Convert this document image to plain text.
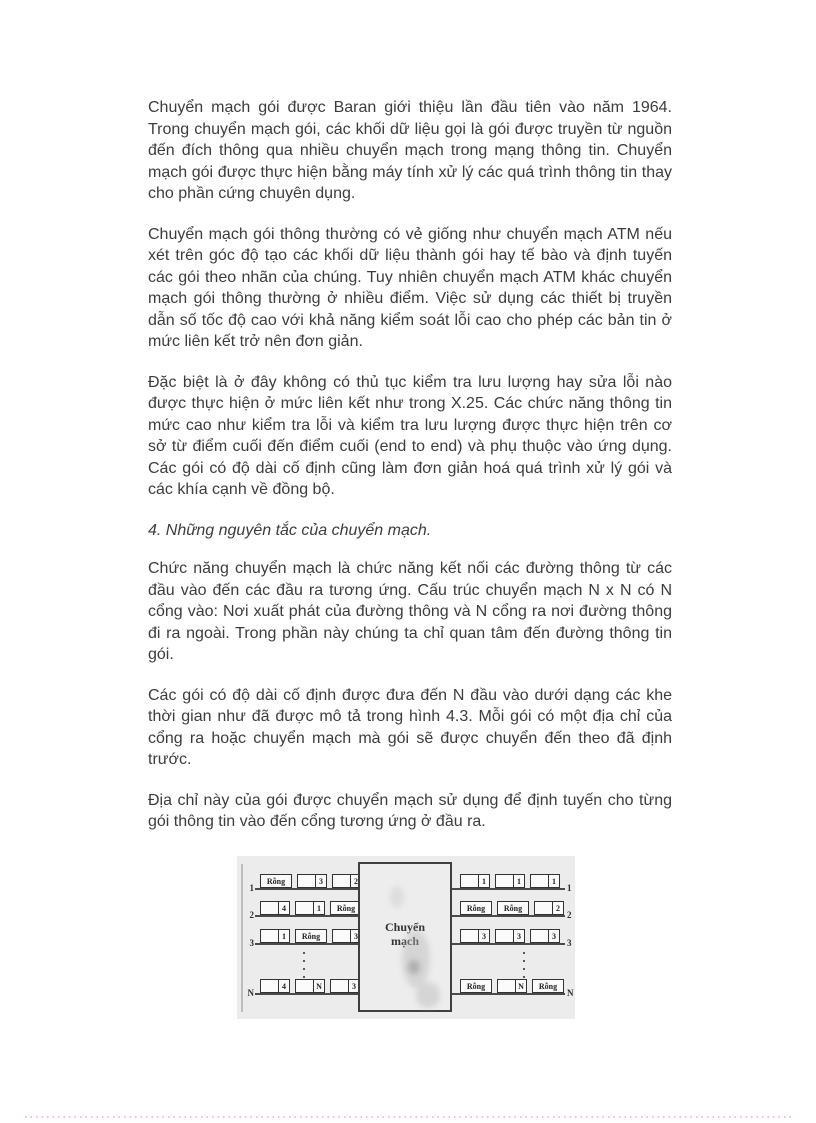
Chuyển mạch gói được Baran giới thiệu lần đầu tiên vào năm 1964. Trong chuyển mạch gói, các khối dữ liệu gọi là gói được truyền từ nguồn đến đích thông qua nhiều chuyển mạch trong mạng thông tin. Chuyển mạch gói được thực hiện bằng máy tính xử lý các quá trình thông tin thay cho phần cứng chuyên dụng.

Chuyển mạch gói thông thường có vẻ giống như chuyển mạch ATM nếu xét trên góc độ tạo các khối dữ liệu thành gói hay tế bào và định tuyến các gói theo nhãn của chúng. Tuy nhiên chuyển mạch ATM khác chuyển mạch gói thông thường ở nhiều điểm. Việc sử dụng các thiết bị truyền dẫn số tốc độ cao với khả năng kiểm soát lỗi cao cho phép các bản tin ở mức liên kết trở nên đơn giản.

Đặc biệt là ở đây không có thủ tục kiểm tra lưu lượng hay sửa lỗi nào được thực hiện ở mức liên kết như trong X.25. Các chức năng thông tin mức cao như kiểm tra lỗi và kiểm tra lưu lượng được thực hiện trên cơ sở từ điểm cuối đến điểm cuối (end to end) và phụ thuộc vào ứng dụng. Các gói có độ dài cố định cũng làm đơn giản hoá quá trình xử lý gói và các khía cạnh về đồng bộ.

4. Những nguyên tắc của chuyển mạch.

Chức năng chuyển mạch là chức năng kết nối các đường thông từ các đầu vào đến các đầu ra tương ứng. Cấu trúc chuyển mạch N x N có N cổng vào: Nơi xuất phát của đường thông và N cổng ra nơi đường thông đi ra ngoài. Trong phần này chúng ta chỉ quan tâm đến đường thông tin gói.

Các gói có độ dài cố định được đưa đến N đầu vào dưới dạng các khe thời gian như đã được mô tả trong hình 4.3. Mỗi gói có một địa chỉ của cổng ra hoặc chuyển mạch mà gói sẽ được chuyển đến theo đã định trước.

Địa chỉ này của gói được chuyển mạch sử dụng để định tuyến cho từng gói thông tin vào đến cổng tương ứng ở đầu ra.

1
Rỗng	3	2
2
4	1	Rỗng
3
1	Rỗng	3
N
4	N	3
Chuyển
mạch
1	1	1
1
Rỗng Rỗng	2
2
3	3	3
3
Rỗng	N Rỗng
N
